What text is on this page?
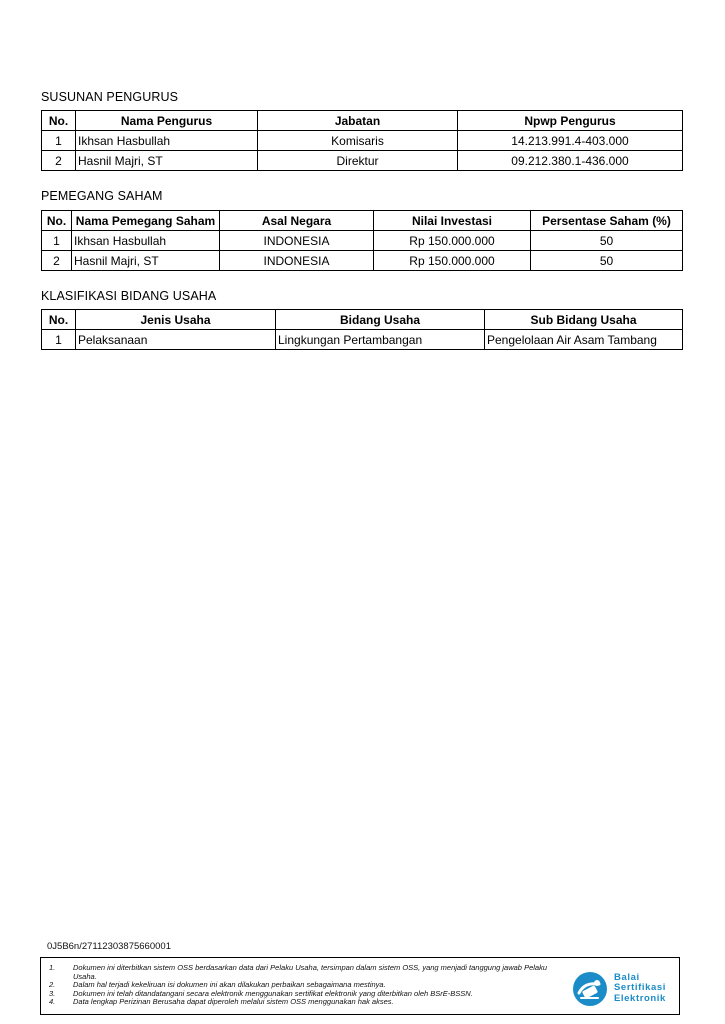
SUSUNAN PENGURUS
No.	Nama Pengurus	Jabatan	Npwp Pengurus
1	Ikhsan Hasbullah	Komisaris	14.213.991.4-403.000
2	Hasnil Majri, ST	Direktur	09.212.380.1-436.000
PEMEGANG SAHAM
No.	Nama Pemegang Saham	Asal Negara	Nilai Investasi	Persentase Saham (%)
1	Ikhsan Hasbullah	INDONESIA	Rp 150.000.000	50
2	Hasnil Majri, ST	INDONESIA	Rp 150.000.000	50
KLASIFIKASI BIDANG USAHA
No.	Jenis Usaha	Bidang Usaha	Sub Bidang Usaha
1	Pelaksanaan	Lingkungan Pertambangan	Pengelolaan Air Asam Tambang
0J5B6n/27112303875660001
1. Dokumen ini diterbitkan sistem OSS berdasarkan data dari Pelaku Usaha, tersimpan dalam sistem OSS, yang menjadi tanggung jawab Pelaku Usaha.
2. Dalam hal terjadi kekeliruan isi dokumen ini akan dilakukan perbaikan sebagaimana mestinya.
3. Dokumen ini telah ditandatangani secara elektronik menggunakan sertifikat elektronik yang diterbitkan oleh BSrE-BSSN.
4. Data lengkap Perizinan Berusaha dapat diperoleh melalui sistem OSS menggunakan hak akses.
Balai
Sertifikasi
Elektronik
